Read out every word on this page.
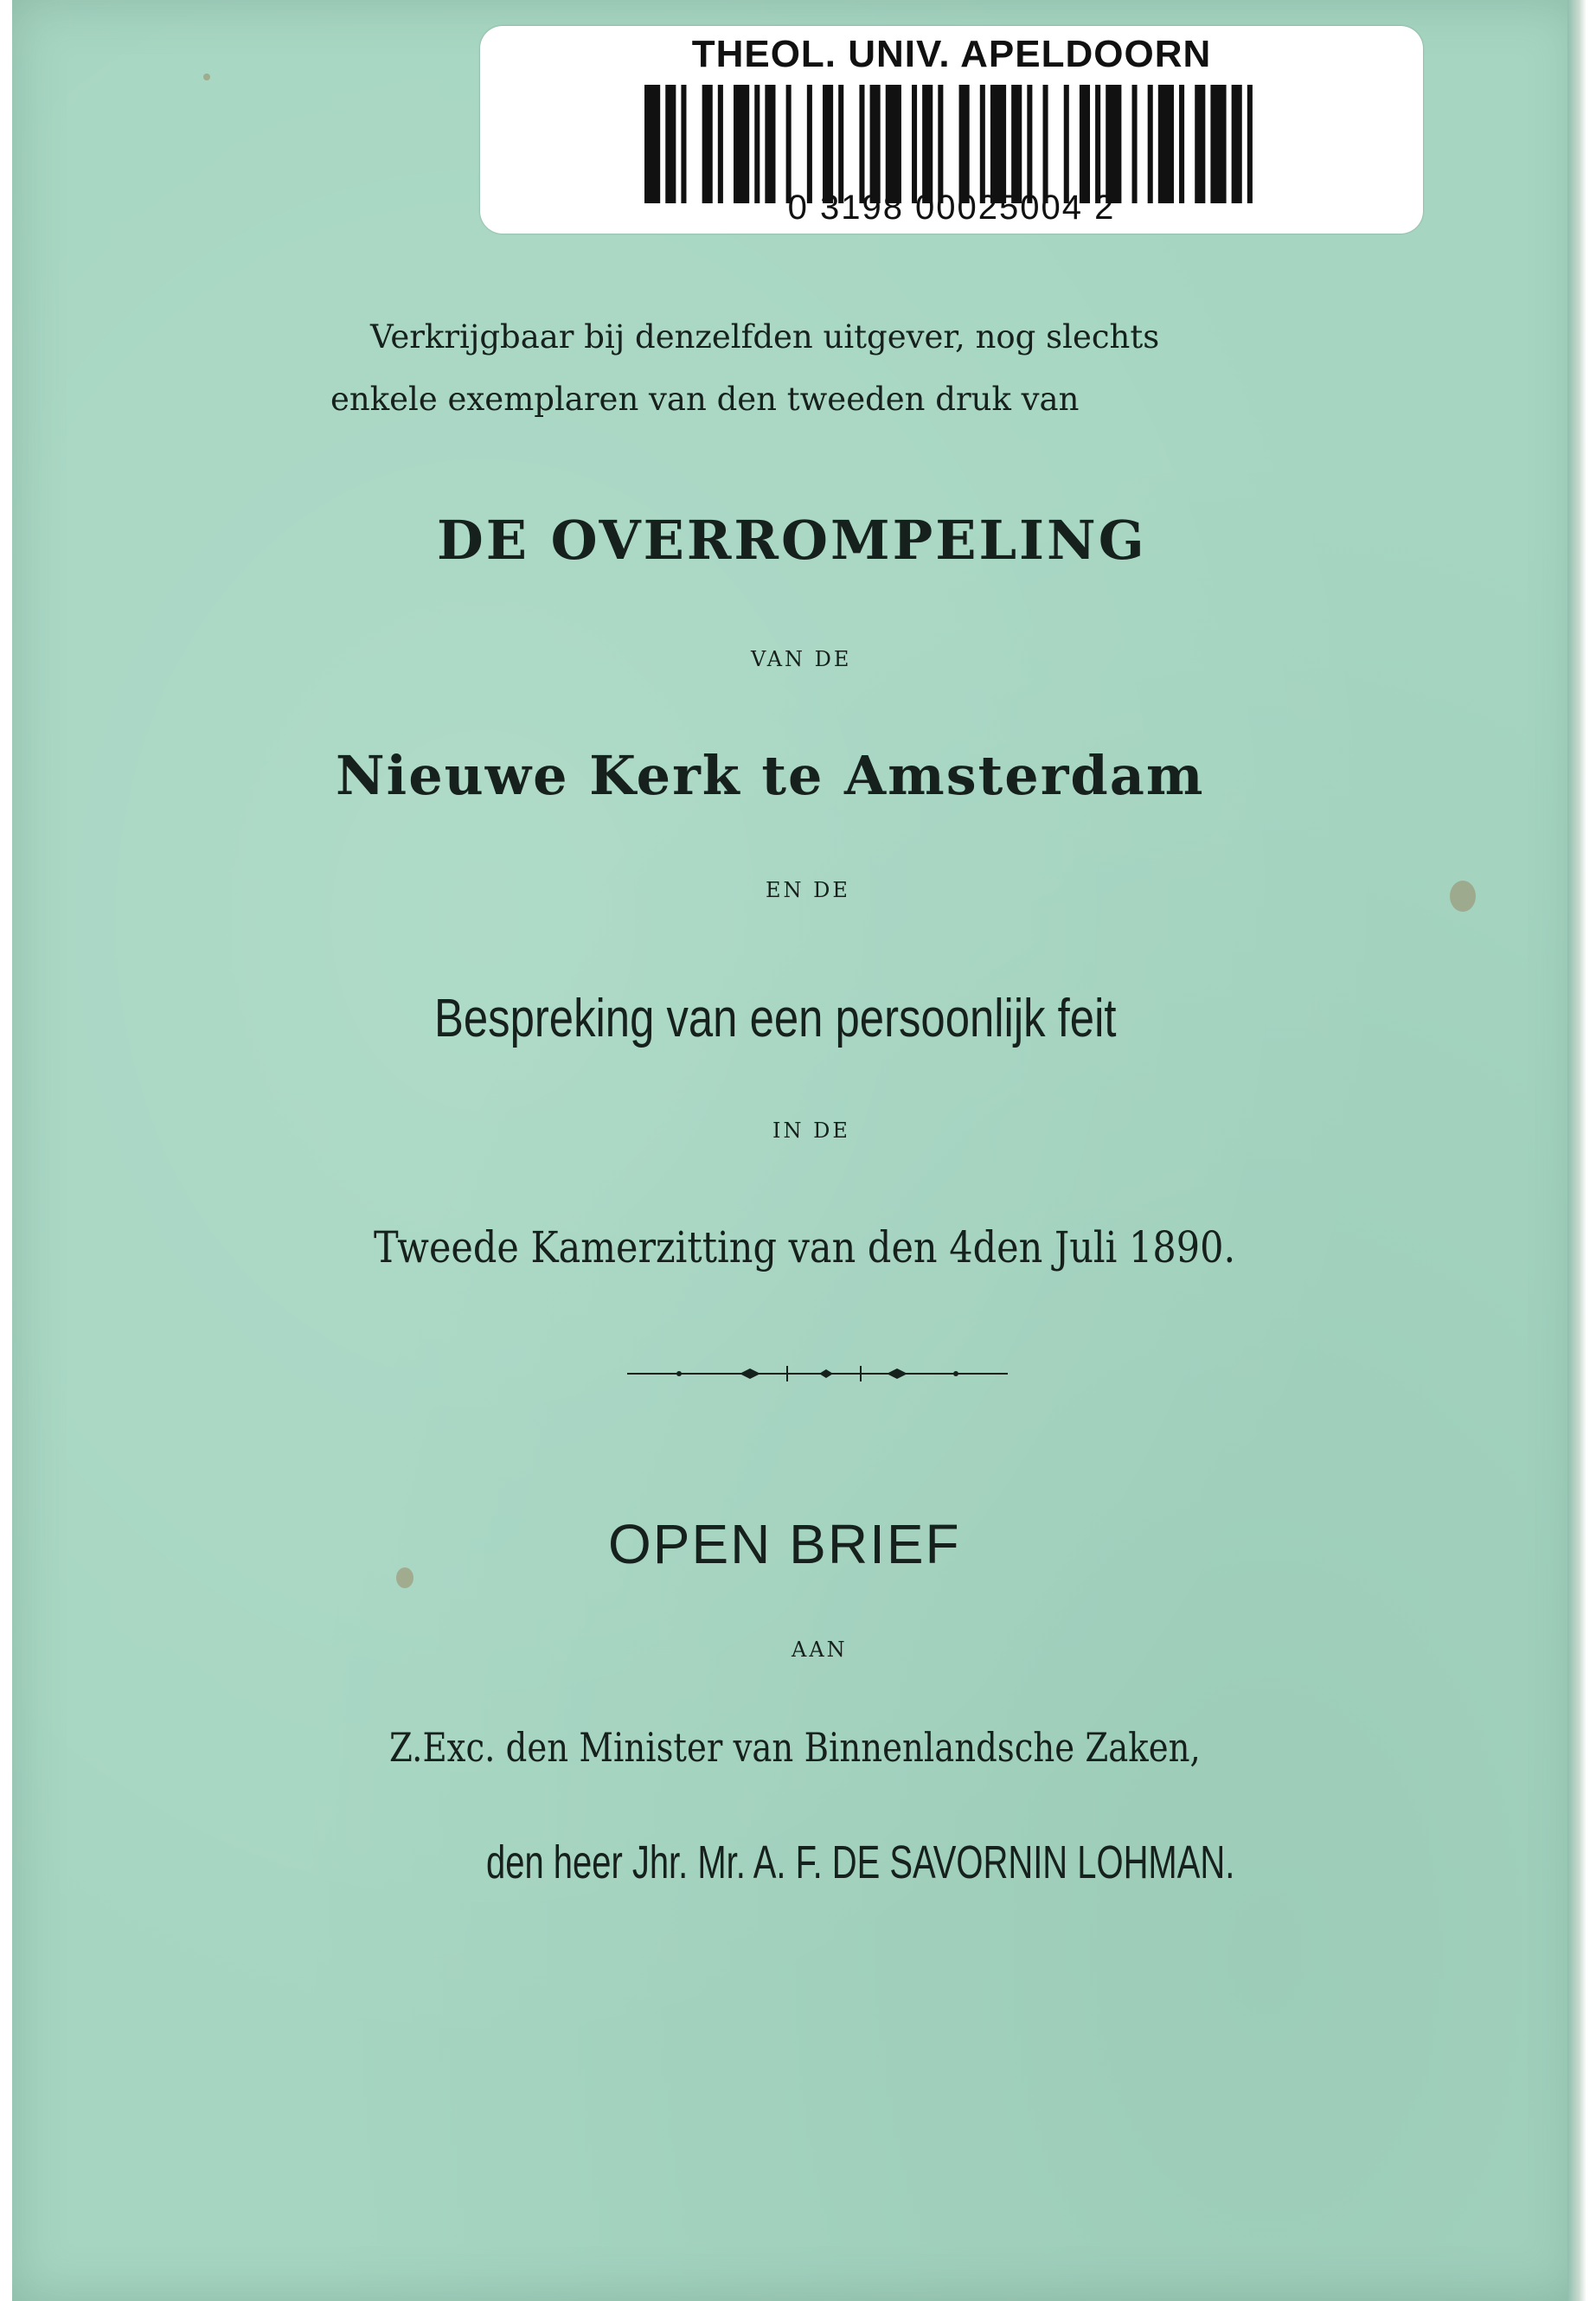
THEOL. UNIV. APELDOORN
0 3198 00025004 2
Verkrijgbaar bij denzelfden uitgever, nog slechts
enkele exemplaren van den tweeden druk van
DE OVERROMPELING
VAN DE
Nieuwe Kerk te Amsterdam
EN DE
Bespreking van een persoonlijk feit
IN DE
Tweede Kamerzitting van den 4den Juli 1890.
OPEN BRIEF
AAN
Z.Exc. den Minister van Binnenlandsche Zaken,
den heer Jhr. Mr. A. F. DE SAVORNIN LOHMAN.
